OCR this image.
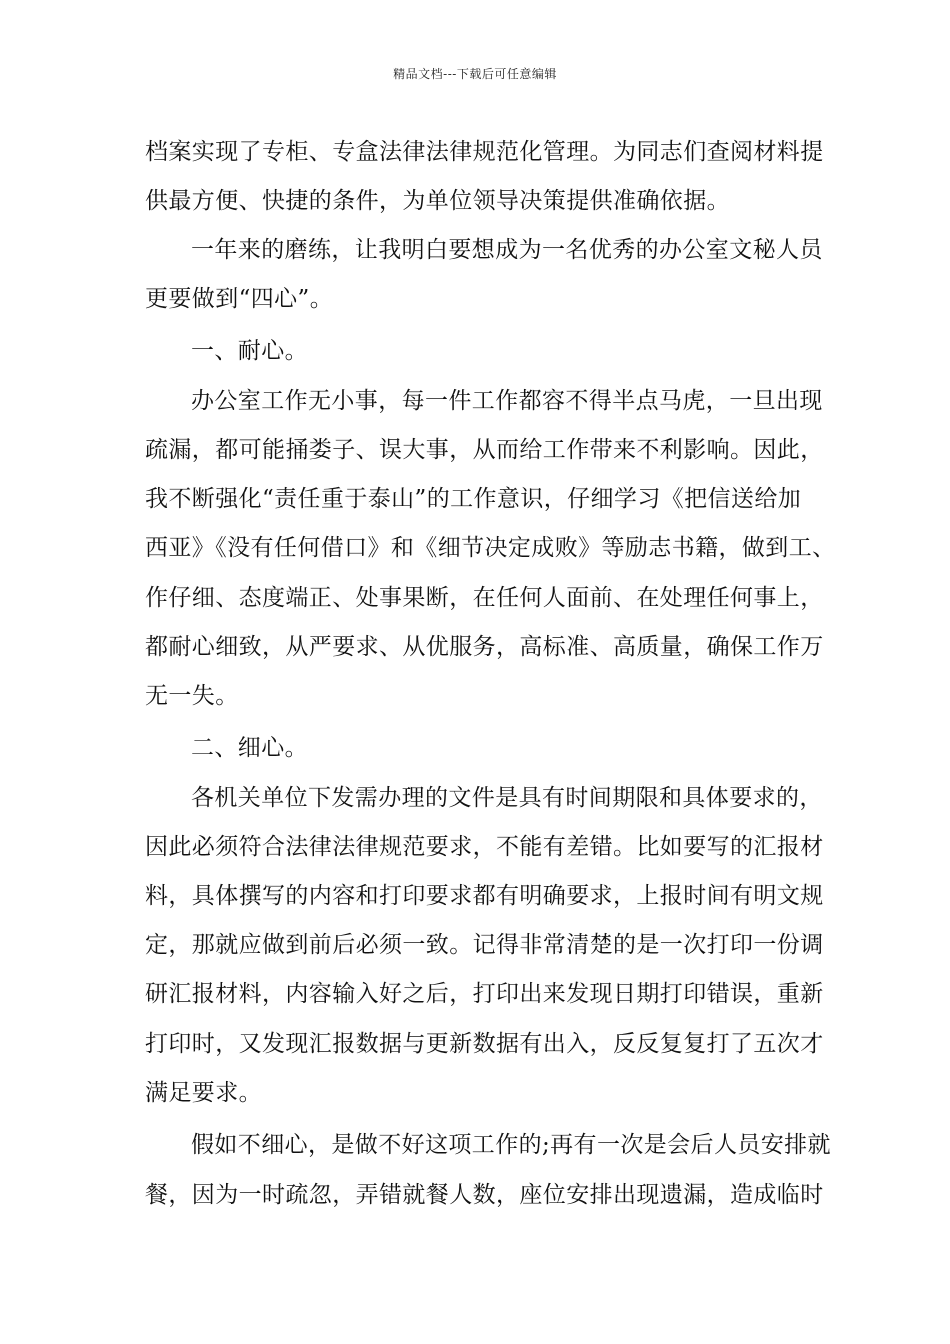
精品文档---下载后可任意编辑
档案实现了专柜、专盒法律法律规范化管理。为同志们查阅材料提
供最方便、快捷的条件，为单位领导决策提供准确依据。
一年来的磨练，让我明白要想成为一名优秀的办公室文秘人员
更要做到“四心”。
一、耐心。
办公室工作无小事，每一件工作都容不得半点马虎，一旦出现
疏漏，都可能捅娄子、误大事，从而给工作带来不利影响。因此，
我不断强化“责任重于泰山”的工作意识，仔细学习《把信送给加
西亚》《没有任何借口》和《细节决定成败》等励志书籍，做到工、
作仔细、态度端正、处事果断，在任何人面前、在处理任何事上，
都耐心细致，从严要求、从优服务，高标准、高质量，确保工作万
无一失。
二、细心。
各机关单位下发需办理的文件是具有时间期限和具体要求的，
因此必须符合法律法律规范要求，不能有差错。比如要写的汇报材
料，具体撰写的内容和打印要求都有明确要求，上报时间有明文规
定，那就应做到前后必须一致。记得非常清楚的是一次打印一份调
研汇报材料，内容输入好之后，打印出来发现日期打印错误，重新
打印时，又发现汇报数据与更新数据有出入，反反复复打了五次才
满足要求。
假如不细心，是做不好这项工作的;再有一次是会后人员安排就
餐，因为一时疏忽，弄错就餐人数，座位安排出现遗漏，造成临时
